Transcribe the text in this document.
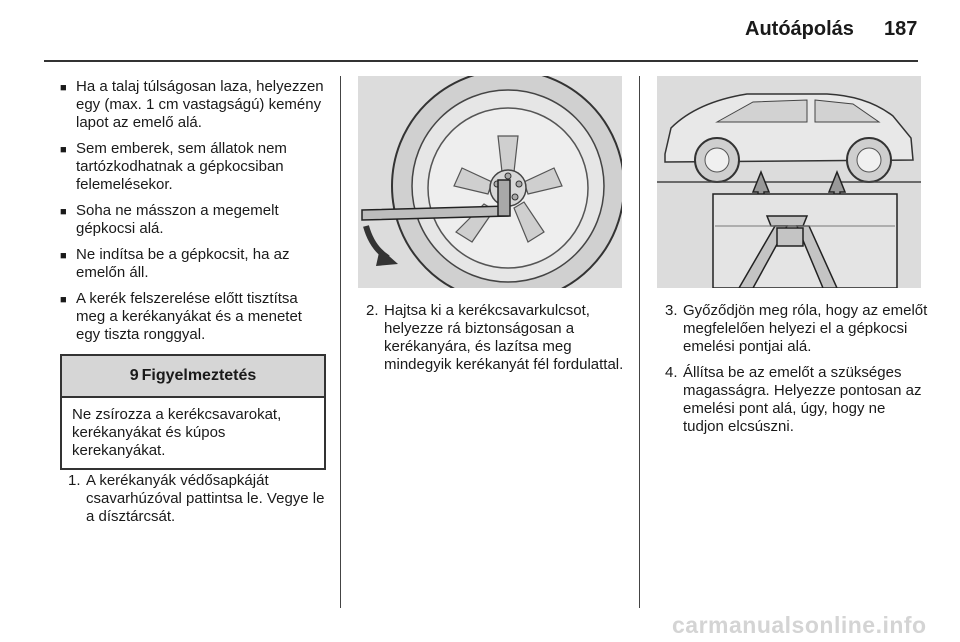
Autóápolás 187
■ Ha a talaj túlságosan laza, helyezzen egy (max. 1 cm vastagságú) kemény lapot az emelő alá.
■ Sem emberek, sem állatok nem tartózkodhatnak a gépkocsiban felemelésekor.
■ Soha ne másszon a megemelt gépkocsi alá.
■ Ne indítsa be a gépkocsit, ha az emelőn áll.
■ A kerék felszerelése előtt tisztítsa meg a kerékanyákat és a menetet egy tiszta ronggyal.
9 Figyelmeztetés
Ne zsírozza a kerékcsavarokat, kerékanyákat és kúpos kerekanyákat.
1. A kerékanyák védősapkáját csavarhúzóval pattintsa le. Vegye le a dísztárcsát.
2. Hajtsa ki a kerékcsavarkulcsot, helyezze rá biztonságosan a kerékanyára, és lazítsa meg mindegyik kerékanyát fél fordulattal.
3. Győződjön meg róla, hogy az emelőt megfelelően helyezi el a gépkocsi emelési pontjai alá.
4. Állítsa be az emelőt a szükséges magasságra. Helyezze pontosan az emelési pont alá, úgy, hogy ne tudjon elcsúszni.
carmanualsonline.info
